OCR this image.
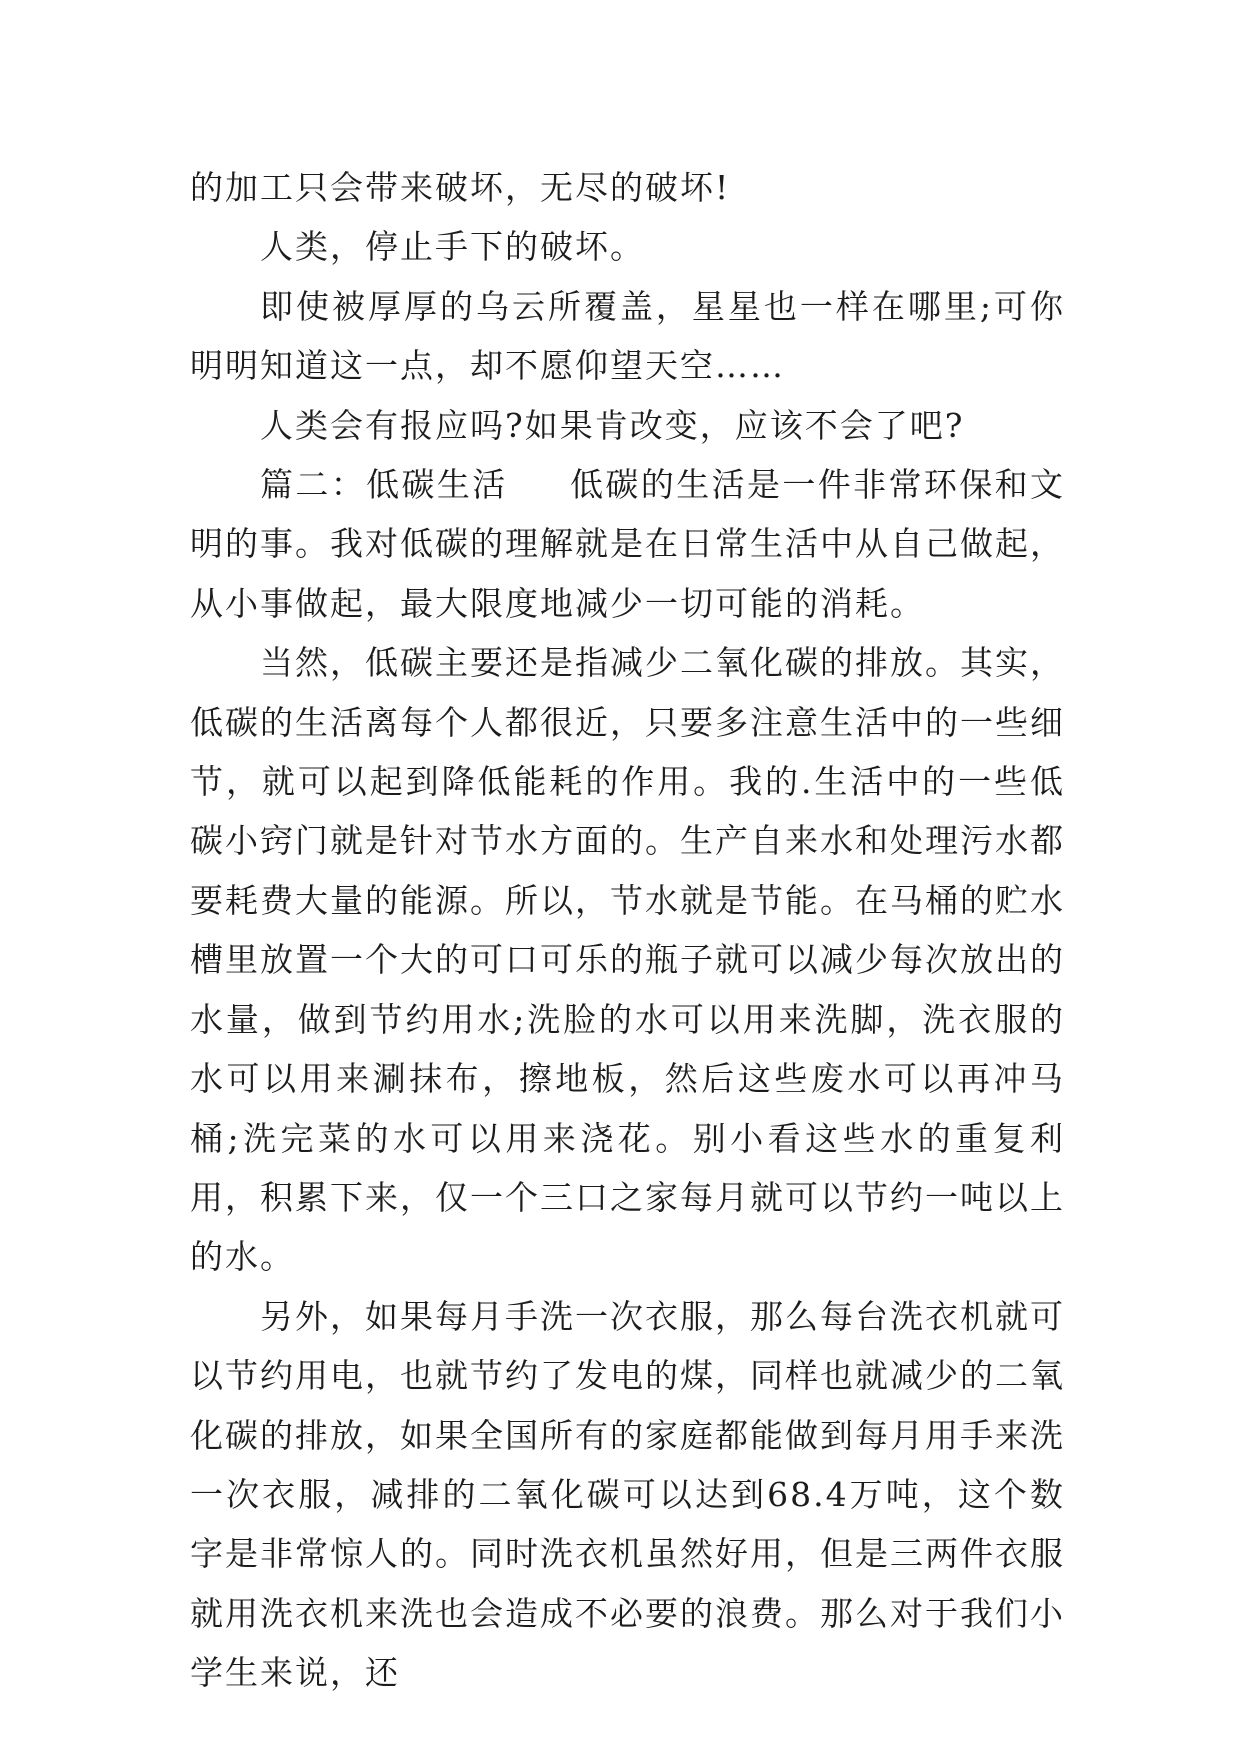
的加工只会带来破坏，无尽的破坏!

人类，停止手下的破坏。

即使被厚厚的乌云所覆盖，星星也一样在哪里;可你明明知道这一点，却不愿仰望天空……

人类会有报应吗?如果肯改变，应该不会了吧?

篇二：低碳生活 低碳的生活是一件非常环保和文明的事。我对低碳的理解就是在日常生活中从自己做起，从小事做起，最大限度地减少一切可能的消耗。

当然，低碳主要还是指减少二氧化碳的排放。其实，低碳的生活离每个人都很近，只要多注意生活中的一些细节，就可以起到降低能耗的作用。我的.生活中的一些低碳小窍门就是针对节水方面的。生产自来水和处理污水都要耗费大量的能源。所以，节水就是节能。在马桶的贮水槽里放置一个大的可口可乐的瓶子就可以减少每次放出的水量，做到节约用水;洗脸的水可以用来洗脚，洗衣服的水可以用来涮抹布，擦地板，然后这些废水可以再冲马桶;洗完菜的水可以用来浇花。别小看这些水的重复利用，积累下来，仅一个三口之家每月就可以节约一吨以上的水。

另外，如果每月手洗一次衣服，那么每台洗衣机就可以节约用电，也就节约了发电的煤，同样也就减少的二氧化碳的排放，如果全国所有的家庭都能做到每月用手来洗一次衣服，减排的二氧化碳可以达到68.4万吨，这个数字是非常惊人的。同时洗衣机虽然好用，但是三两件衣服就用洗衣机来洗也会造成不必要的浪费。那么对于我们小学生来说，还
